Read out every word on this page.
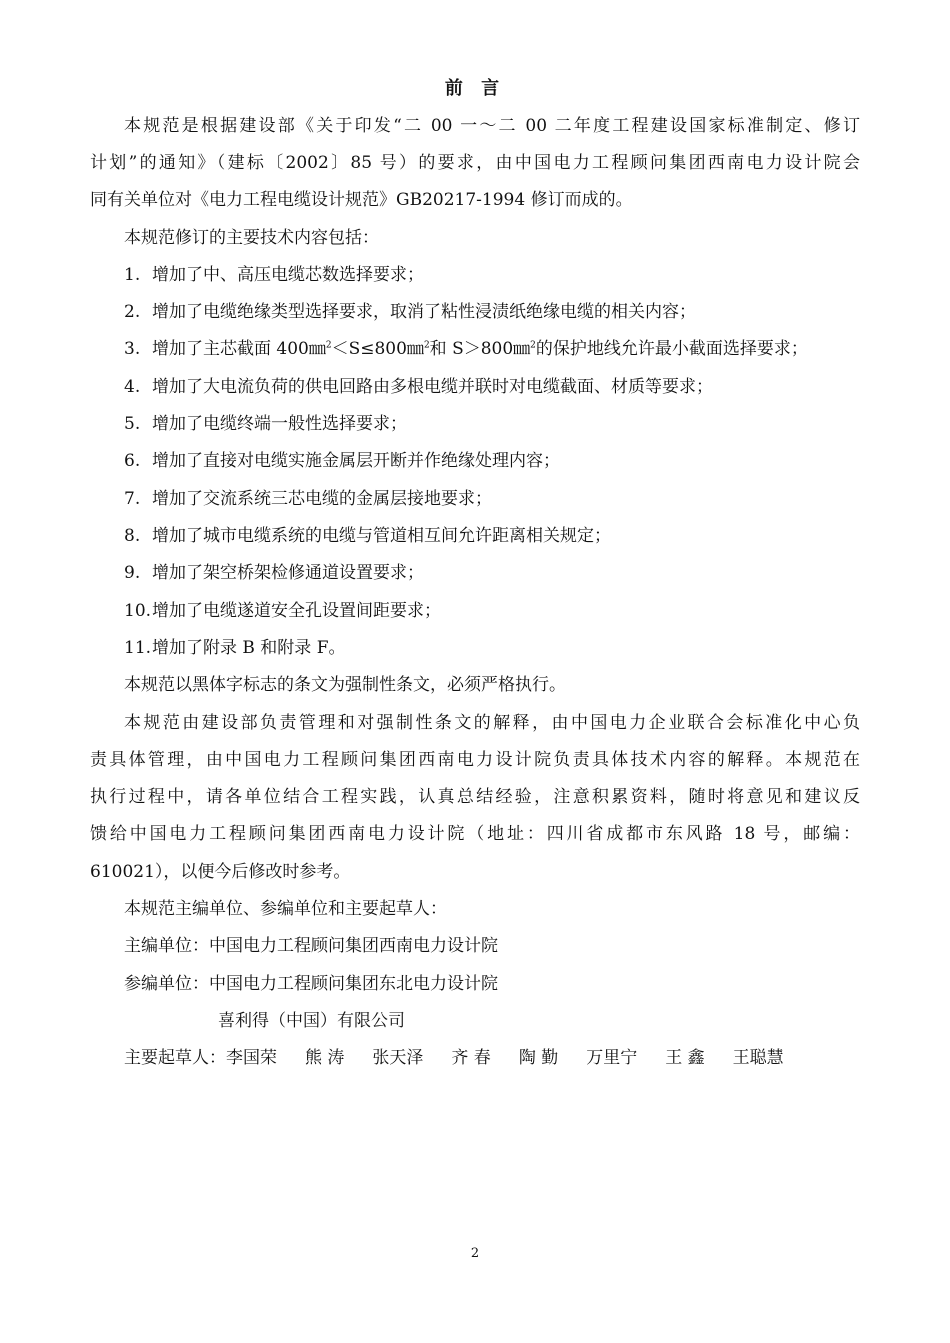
前 言
本规范是根据建设部《关于印发“二 00 一～二 00 二年度工程建设国家标准制定、修订
计划”的通知》（建标〔2002〕85 号）的要求，由中国电力工程顾问集团西南电力设计院会
同有关单位对《电力工程电缆设计规范》GB20217-1994 修订而成的。
本规范修订的主要技术内容包括：
1. 增加了中、高压电缆芯数选择要求；
2. 增加了电缆绝缘类型选择要求，取消了粘性浸渍纸绝缘电缆的相关内容；
3. 增加了主芯截面 400㎜$^2$＜S≤800㎜$^2$和 S＞800㎜$^2$的保护地线允许最小截面选择要求；
4. 增加了大电流负荷的供电回路由多根电缆并联时对电缆截面、材质等要求；
5. 增加了电缆终端一般性选择要求；
6. 增加了直接对电缆实施金属层开断并作绝缘处理内容；
7. 增加了交流系统三芯电缆的金属层接地要求；
8. 增加了城市电缆系统的电缆与管道相互间允许距离相关规定；
9. 增加了架空桥架检修通道设置要求；
10.增加了电缆遂道安全孔设置间距要求；
11.增加了附录 B 和附录 F。
本规范以黑体字标志的条文为强制性条文，必须严格执行。
本规范由建设部负责管理和对强制性条文的解释，由中国电力企业联合会标准化中心负
责具体管理，由中国电力工程顾问集团西南电力设计院负责具体技术内容的解释。本规范在
执行过程中，请各单位结合工程实践，认真总结经验，注意积累资料，随时将意见和建议反
馈给中国电力工程顾问集团西南电力设计院（地址：四川省成都市东风路 18 号，邮编：
610021），以便今后修改时参考。
本规范主编单位、参编单位和主要起草人：
主编单位：中国电力工程顾问集团西南电力设计院
参编单位：中国电力工程顾问集团东北电力设计院
喜利得（中国）有限公司
主要起草人：李国荣 熊 涛 张天泽 齐 春 陶 勤 万里宁 王 鑫 王聪慧
2
